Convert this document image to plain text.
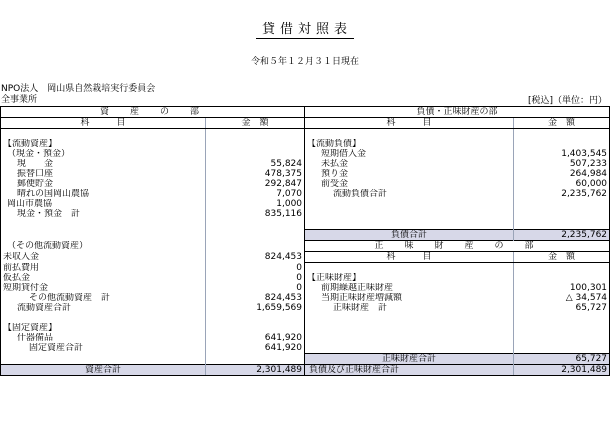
貸借対照表
令和５年１２月３１日現在
NPO法人　岡山県自然栽培実行委員会
全事業所	[税込]（単位：円）
資　産　の　部		負債・正味財産の部	
科　　　目	金　額	科　　　目	金　額

【流動資産】		【流動負債】	
（現金・預金）		短期借入金	1,403,545
現　　金	55,824	未払金	507,233
振替口座	478,375	預り金	264,984
郵便貯金	292,847	前受金	60,000
晴れの国岡山農協	7,070	流動負債合計	2,235,762
岡山市農協	1,000		
現金・預金　計	835,116		

		負債合計	2,235,762
（その他流動資産）		正　味　財　産　の　部	
未収入金	824,453	科　　　目	金　額
前払費用	0		
仮払金	0	【正味財産】	
短期貸付金	0	前期繰越正味財産	100,301
その他流動資産　計	824,453	当期正味財産増減額	△ 34,574
流動資産合計	1,659,569	正味財産　計	65,727

【固定資産】			
什器備品	641,920		
固定資産合計	641,920		
		正味財産合計	65,727
資産合計	2,301,489	負債及び正味財産合計	2,301,489
